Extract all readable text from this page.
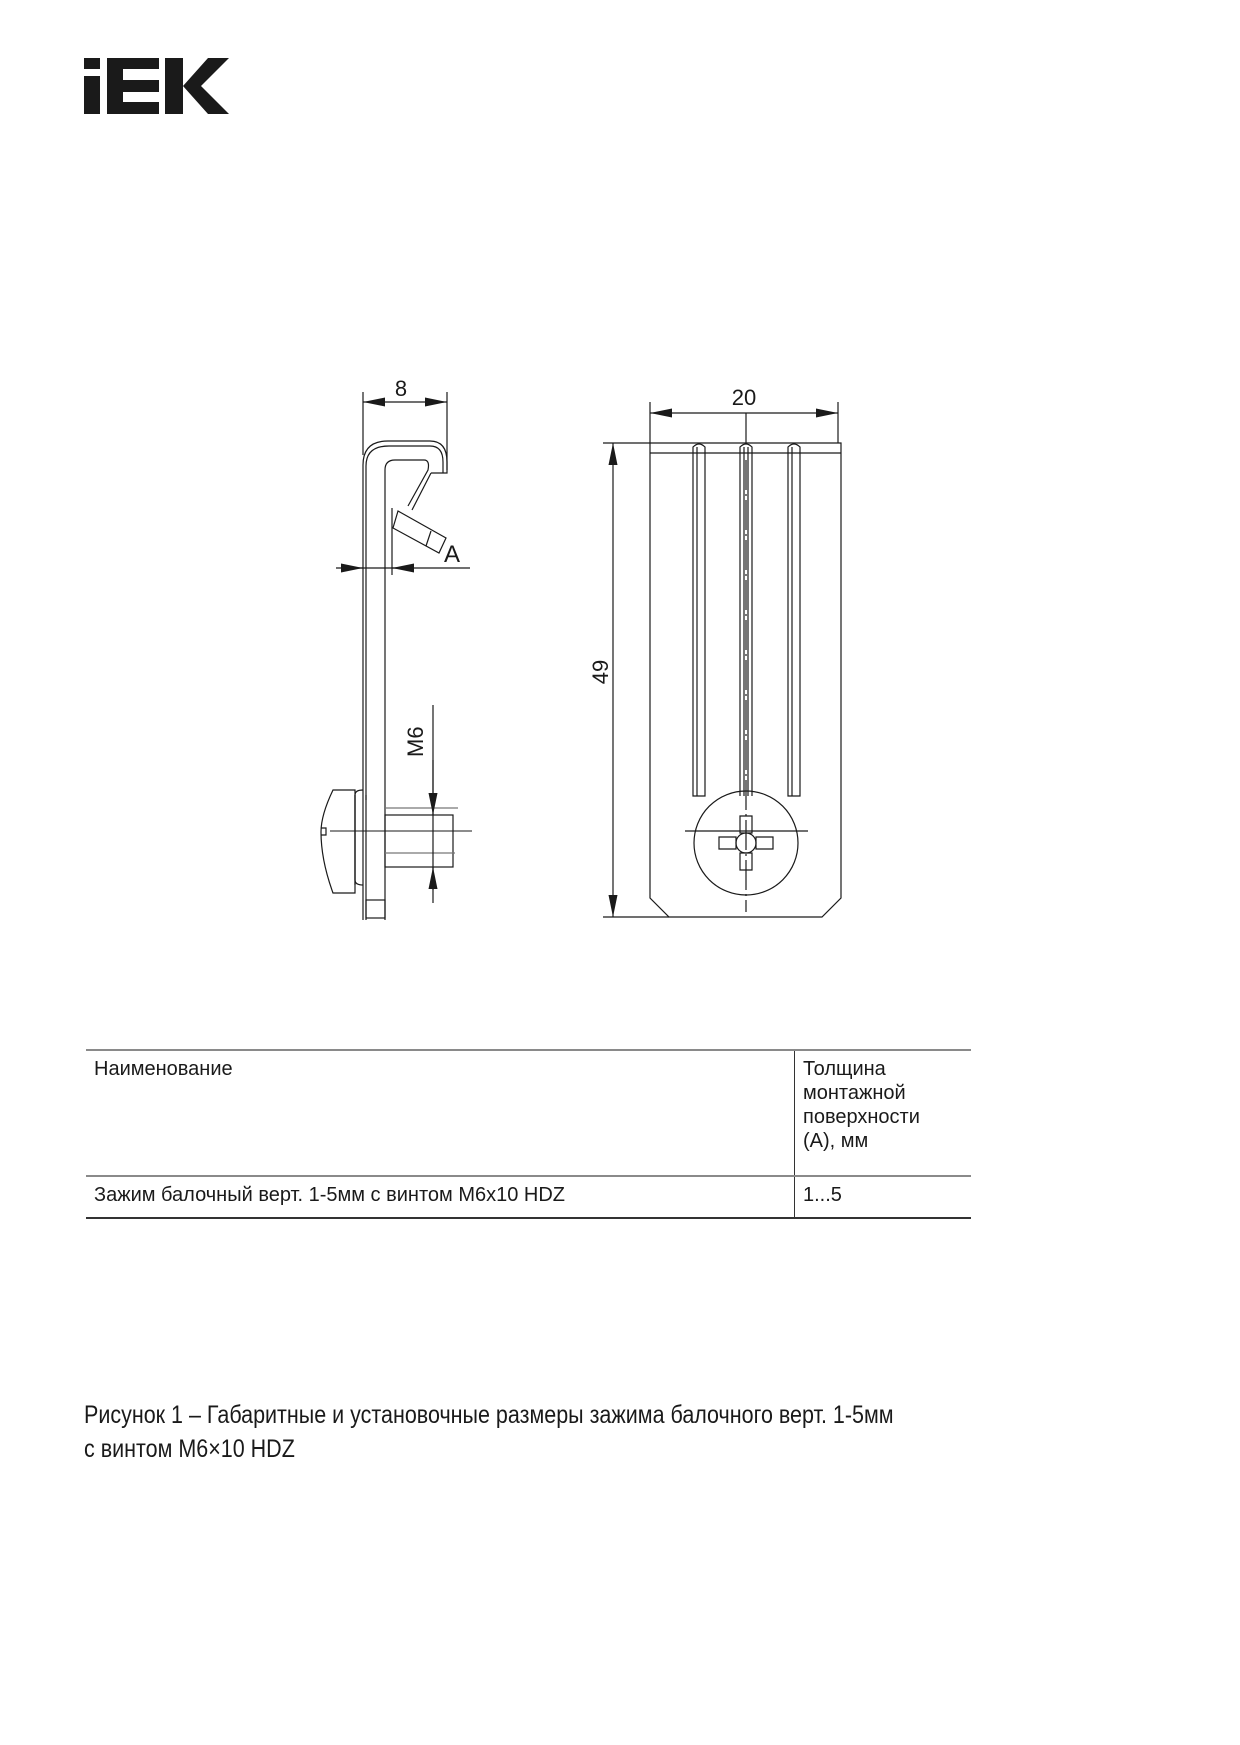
8
A
M6
20
49
Наименование	Толщина
монтажной
поверхности
(А), мм

Зажим балочный верт. 1-5мм с винтом М6х10 HDZ	1...5
Рисунок 1 – Габаритные и установочные размеры зажима балочного верт. 1-5мм
с винтом М6×10 HDZ
